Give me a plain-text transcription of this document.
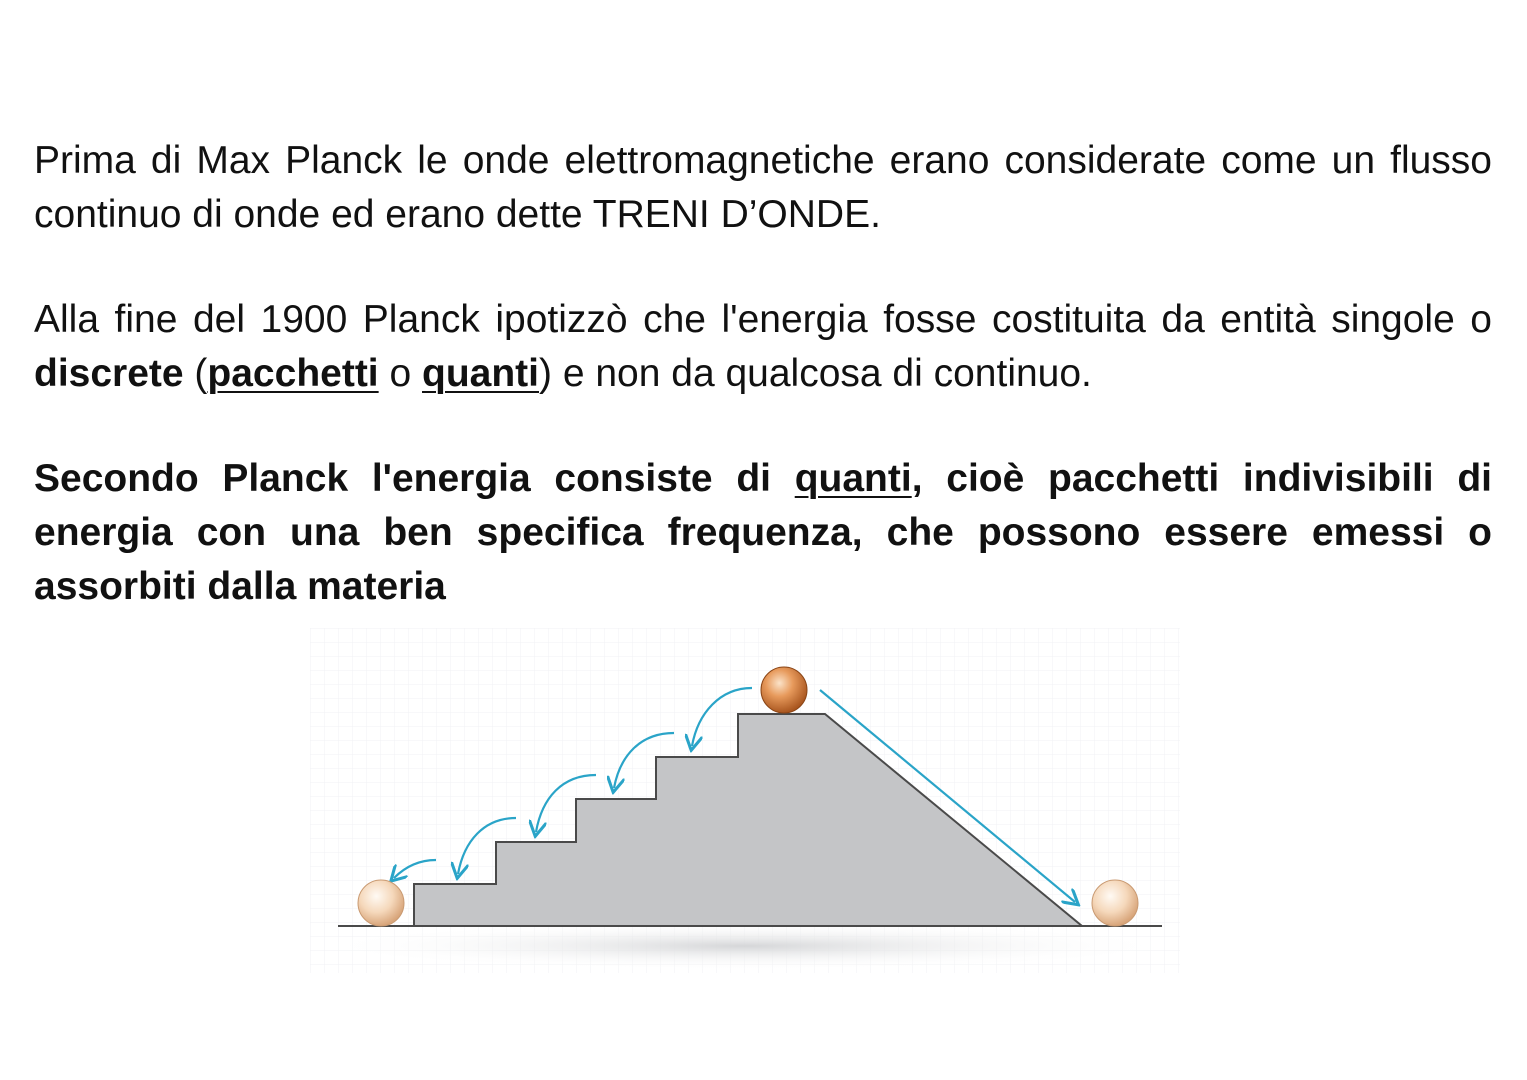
Prima di Max Planck le onde elettromagnetiche erano considerate come un flusso continuo di onde ed erano dette TRENI D’ONDE.

Alla fine del 1900 Planck ipotizzò che l'energia fosse costituita da entità singole o discrete (pacchetti o quanti) e non da qualcosa di continuo.

Secondo Planck l'energia consiste di quanti, cioè pacchetti indivisibili di energia con una ben specifica frequenza, che possono essere emessi o assorbiti dalla materia
